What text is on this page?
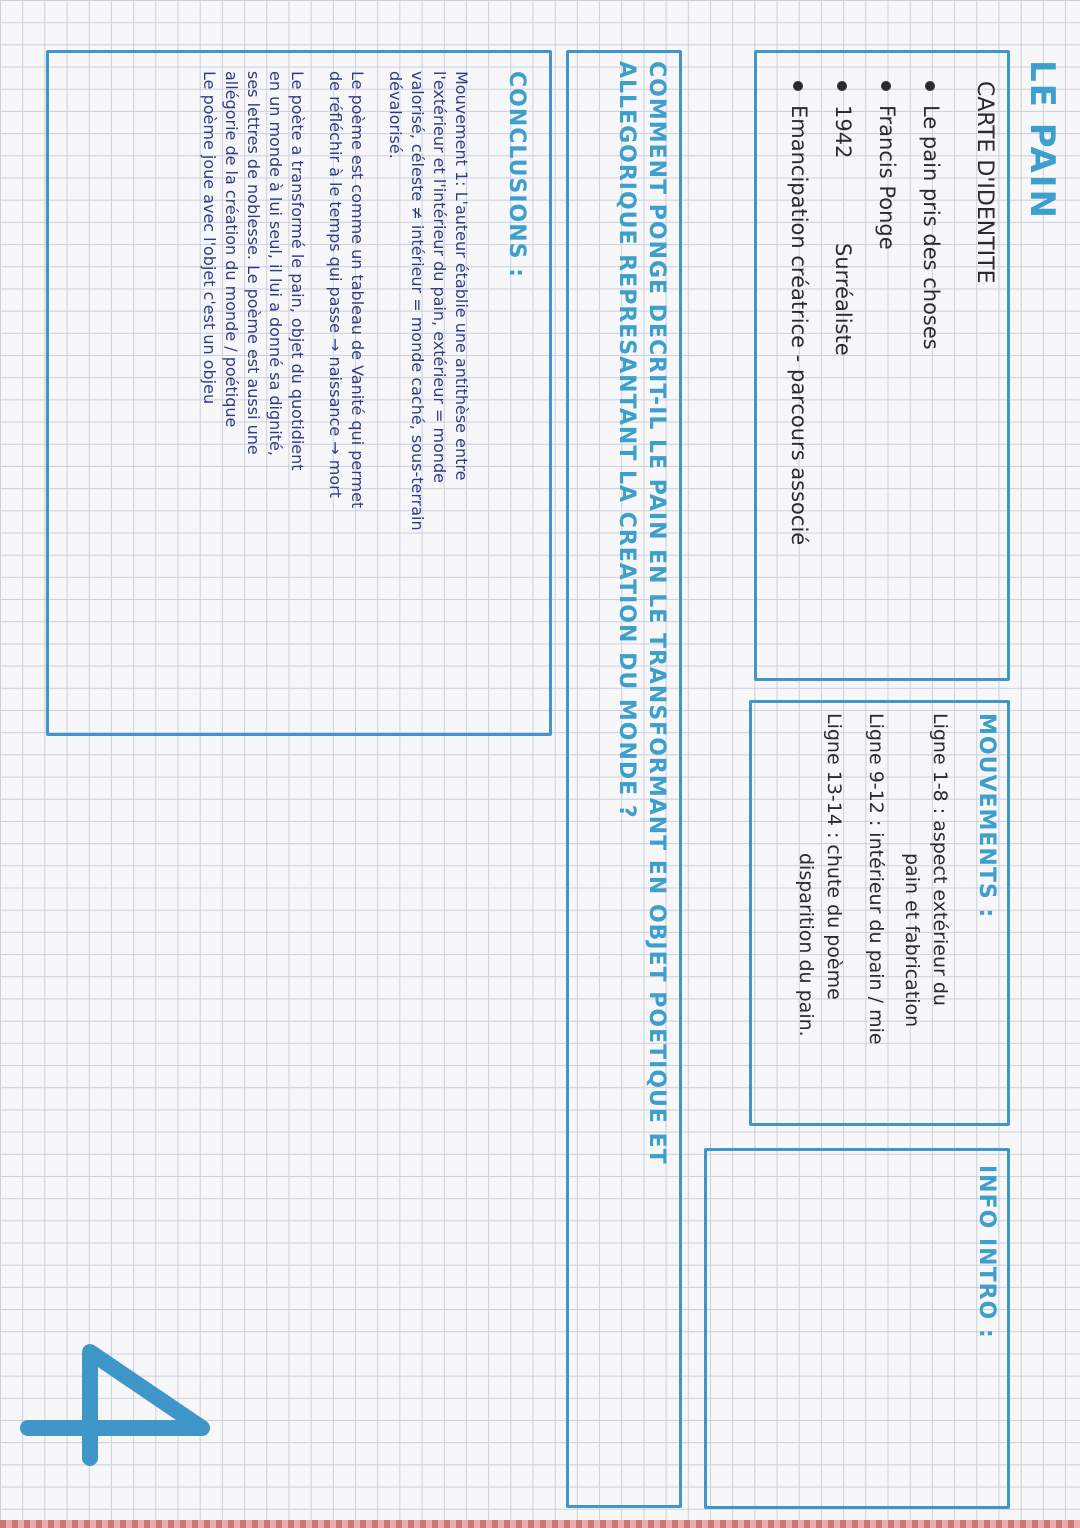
LE PAIN
CARTE D'IDENTITE
Le pain pris des choses
Francis Ponge
1942
Surréaliste
Emancipation créatrice - parcours associé
COMMENT PONGE DECRIT-IL LE PAIN EN LE TRANSFORMANT EN OBJET POETIQUE ET
ALLEGORIQUE REPRESANTANT LA CREATION DU MONDE ?	MOUVEMENTS :
Ligne 1-8 : aspect extérieur du
pain et fabrication
Ligne 9-12 : intérieur du pain / mie
Ligne 13-14 : chute du poème
disparition du pain.
INFO INTRO :
CONCLUSIONS :
Mouvement 1: L'auteur établie une antithèse entre
l'extérieur et l'intérieur du pain, extérieur = monde
valorisé, céleste ≠ intérieur = monde caché, sous-terrain
dévalorisé.
Le poème est comme un tableau de Vanité qui permet
de réfléchir à le temps qui passe → naissance → mort
Le poète a transformé le pain, objet du quotidient
en un monde à lui seul, il lui a donné sa dignité,
ses lettres de noblesse. Le poème est aussi une
allégorie de la création du monde / poétique
Le poème joue avec l'objet c'est un objeu
